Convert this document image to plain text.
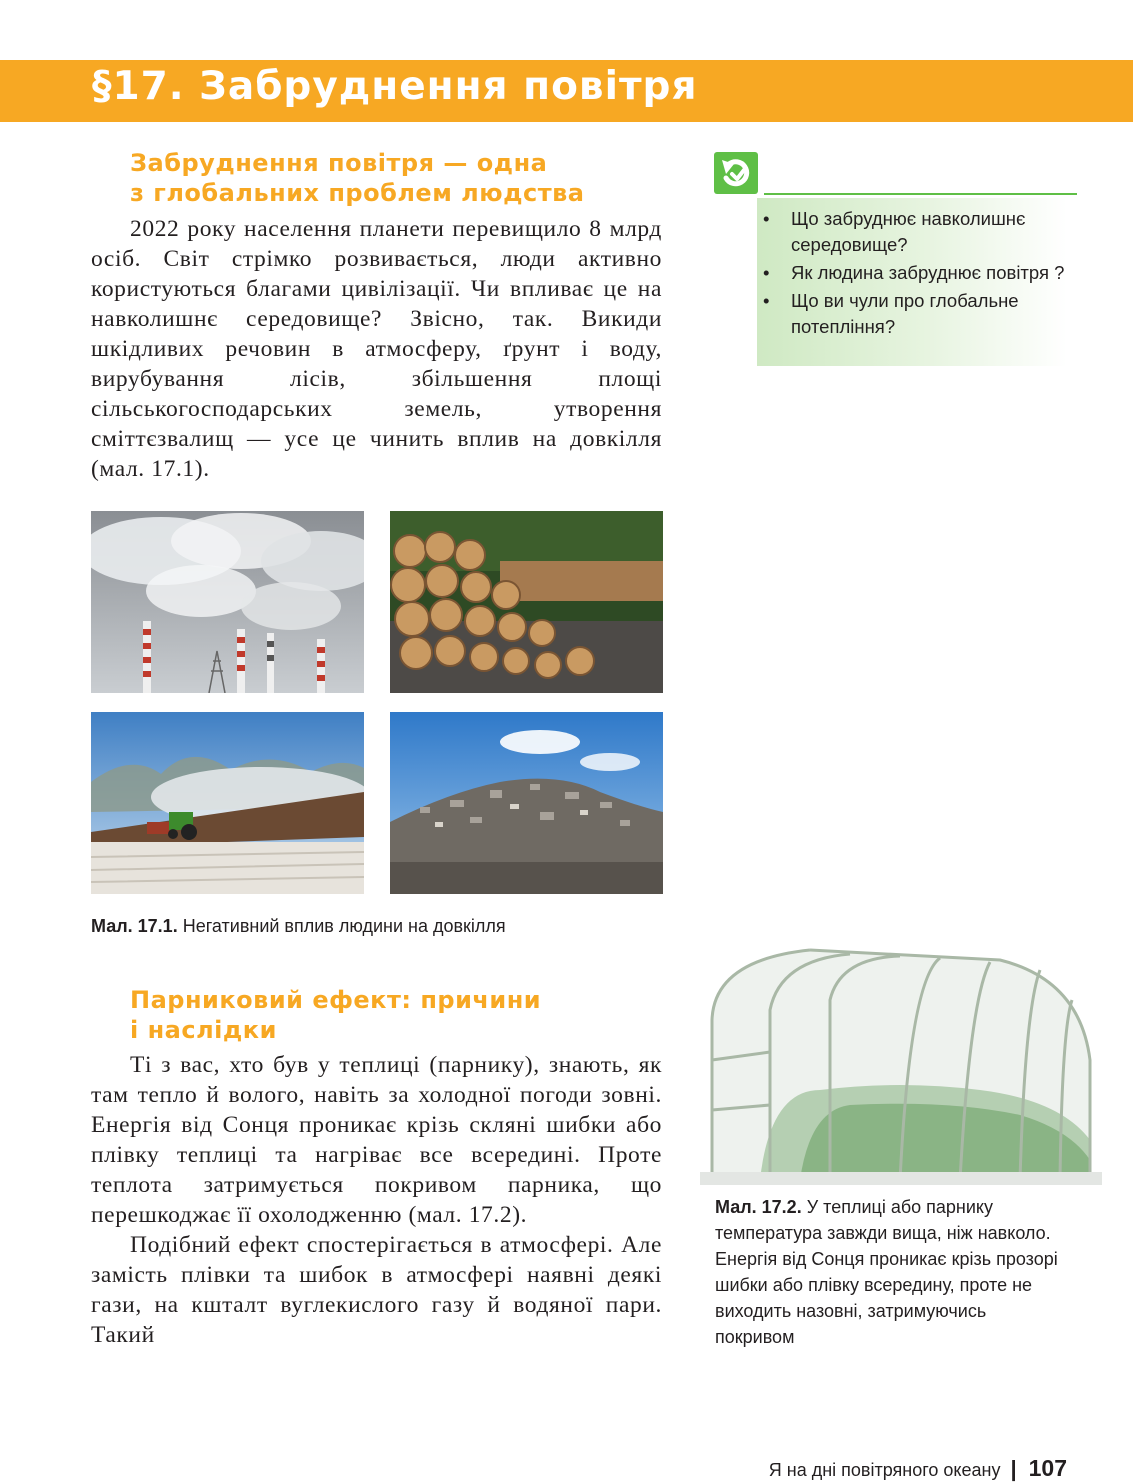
§17. Забруднення повітря
Забруднення повітря — одна
з глобальних проблем людства

2022 року населення планети перевищило 8 млрд осіб. Світ стрімко розвивається, люди активно користуються благами цивілізації. Чи впливає це на навколишнє середовище? Звісно, так. Викиди шкідливих речовин в атмосферу, ґрунт і воду, вирубування лісів, збільшення площі сільськогосподарських земель, утворення сміттєзвалищ — усе це чинить вплив на довкілля (мал. 17.1).

• Що забруднює навколишнє середовище?
• Як людина забруднює повітря ?
• Що ви чули про глобальне потепління?
Мал. 17.1. Негативний вплив людини на довкілля
Парниковий ефект: причини
і наслідки

Ті з вас, хто був у теплиці (парнику), знають, як там тепло й волого, навіть за холодної погоди зовні. Енергія від Сонця проникає крізь скляні шибки або плівку теплиці та нагріває все всередині. Проте теплота затримується покривом парника, що перешкоджає її охолодженню (мал. 17.2).

Подібний ефект спостерігається в атмосфері. Але замість плівки та шибок в атмосфері наявні деякі гази, на кшталт вуглекислого газу й водяної пари. Такий

Мал. 17.2. У теплиці або парнику температура завжди вища, ніж навколо. Енергія від Сонця проникає крізь прозорі шибки або плівку всередину, проте не виходить назовні, затримуючись покривом
Я на дні повітряного океану | 107
